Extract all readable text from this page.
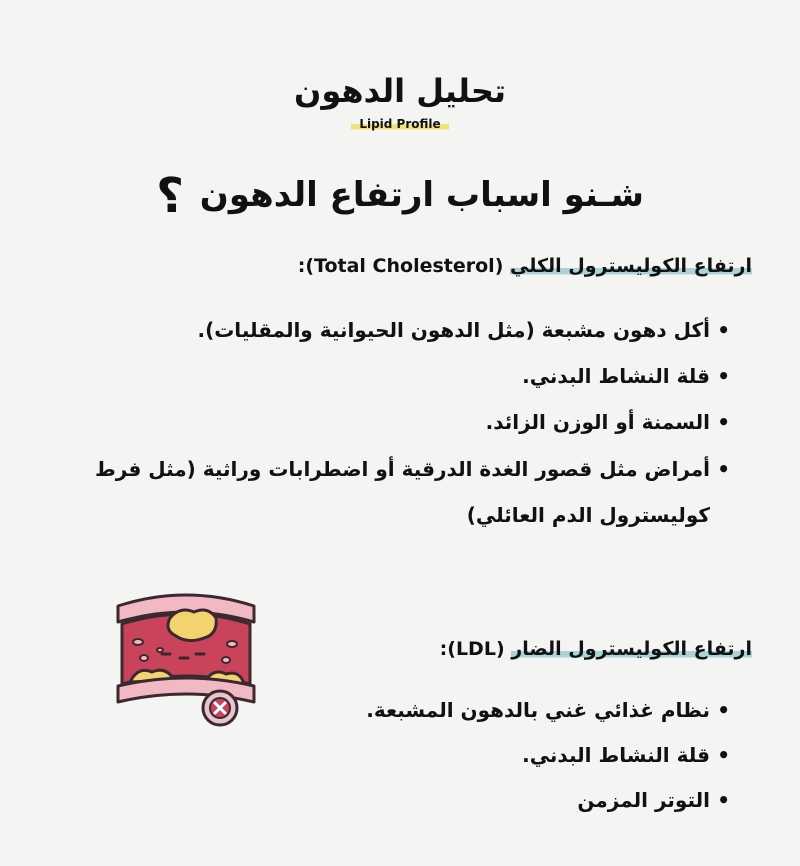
تحليل الدهون
Lipid Profile
شـنو اسباب ارتفاع الدهون ؟
ارتفاع الكوليسترول الكلي (Total Cholesterol):
• أكل دهون مشبعة (مثل الدهون الحيوانية والمقليات).
• قلة النشاط البدني.
• السمنة أو الوزن الزائد.
• أمراض مثل قصور الغدة الدرقية أو اضطرابات وراثية (مثل فرط كوليسترول الدم العائلي)
ارتفاع الكوليسترول الضار (LDL):
• نظام غذائي غني بالدهون المشبعة.
• قلة النشاط البدني.
• التوتر المزمن
